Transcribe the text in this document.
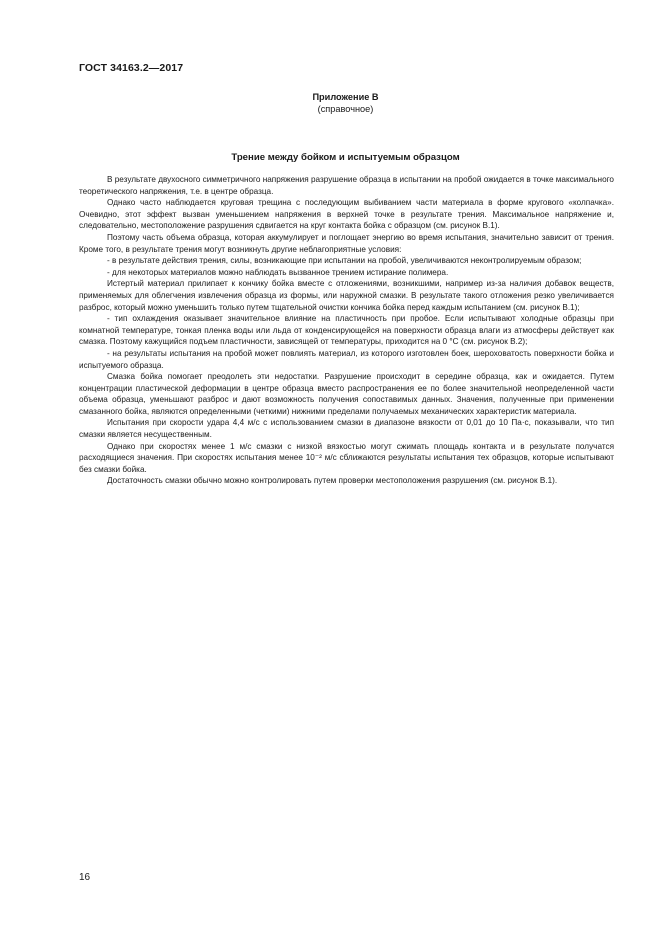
ГОСТ 34163.2—2017
Приложение В
(справочное)
Трение между бойком и испытуемым образцом

В результате двухосного симметричного напряжения разрушение образца в испытании на пробой ожидается в точке максимального теоретического напряжения, т.е. в центре образца.

Однако часто наблюдается круговая трещина с последующим выбиванием части материала в форме кругового «колпачка». Очевидно, этот эффект вызван уменьшением напряжения в верхней точке в результате трения. Максимальное напряжение и, следовательно, местоположение разрушения сдвигается на круг контакта бойка с образцом (см. рисунок В.1).

Поэтому часть объема образца, которая аккумулирует и поглощает энергию во время испытания, значительно зависит от трения. Кроме того, в результате трения могут возникнуть другие неблагоприятные условия:

- в результате действия трения, силы, возникающие при испытании на пробой, увеличиваются неконтролируемым образом;

- для некоторых материалов можно наблюдать вызванное трением истирание полимера.

Истертый материал прилипает к кончику бойка вместе с отложениями, возникшими, например из-за наличия добавок веществ, применяемых для облегчения извлечения образца из формы, или наружной смазки. В результате такого отложения резко увеличивается разброс, который можно уменьшить только путем тщательной очистки кончика бойка перед каждым испытанием (см. рисунок В.1);

- тип охлаждения оказывает значительное влияние на пластичность при пробое. Если испытывают холодные образцы при комнатной температуре, тонкая пленка воды или льда от конденсирующейся на поверхности образца влаги из атмосферы действует как смазка. Поэтому кажущийся подъем пластичности, зависящей от температуры, приходится на 0 °С (см. рисунок В.2);

- на результаты испытания на пробой может повлиять материал, из которого изготовлен боек, шероховатость поверхности бойка и испытуемого образца.

Смазка бойка помогает преодолеть эти недостатки. Разрушение происходит в середине образца, как и ожидается. Путем концентрации пластической деформации в центре образца вместо распространения ее по более значительной неопределенной части объема образца, уменьшают разброс и дают возможность получения сопоставимых данных. Значения, полученные при применении смазанного бойка, являются определенными (четкими) нижними пределами получаемых механических характеристик материала.

Испытания при скорости удара 4,4 м/с с использованием смазки в диапазоне вязкости от 0,01 до 10 Па·с, показывали, что тип смазки является несущественным.

Однако при скоростях менее 1 м/с смазки с низкой вязкостью могут сжимать площадь контакта и в результате получатся расходящиеся значения. При скоростях испытания менее 10⁻² м/с сближаются результаты испытания тех образцов, которые испытывают без смазки бойка.

Достаточность смазки обычно можно контролировать путем проверки местоположения разрушения (см. рисунок В.1).

16
